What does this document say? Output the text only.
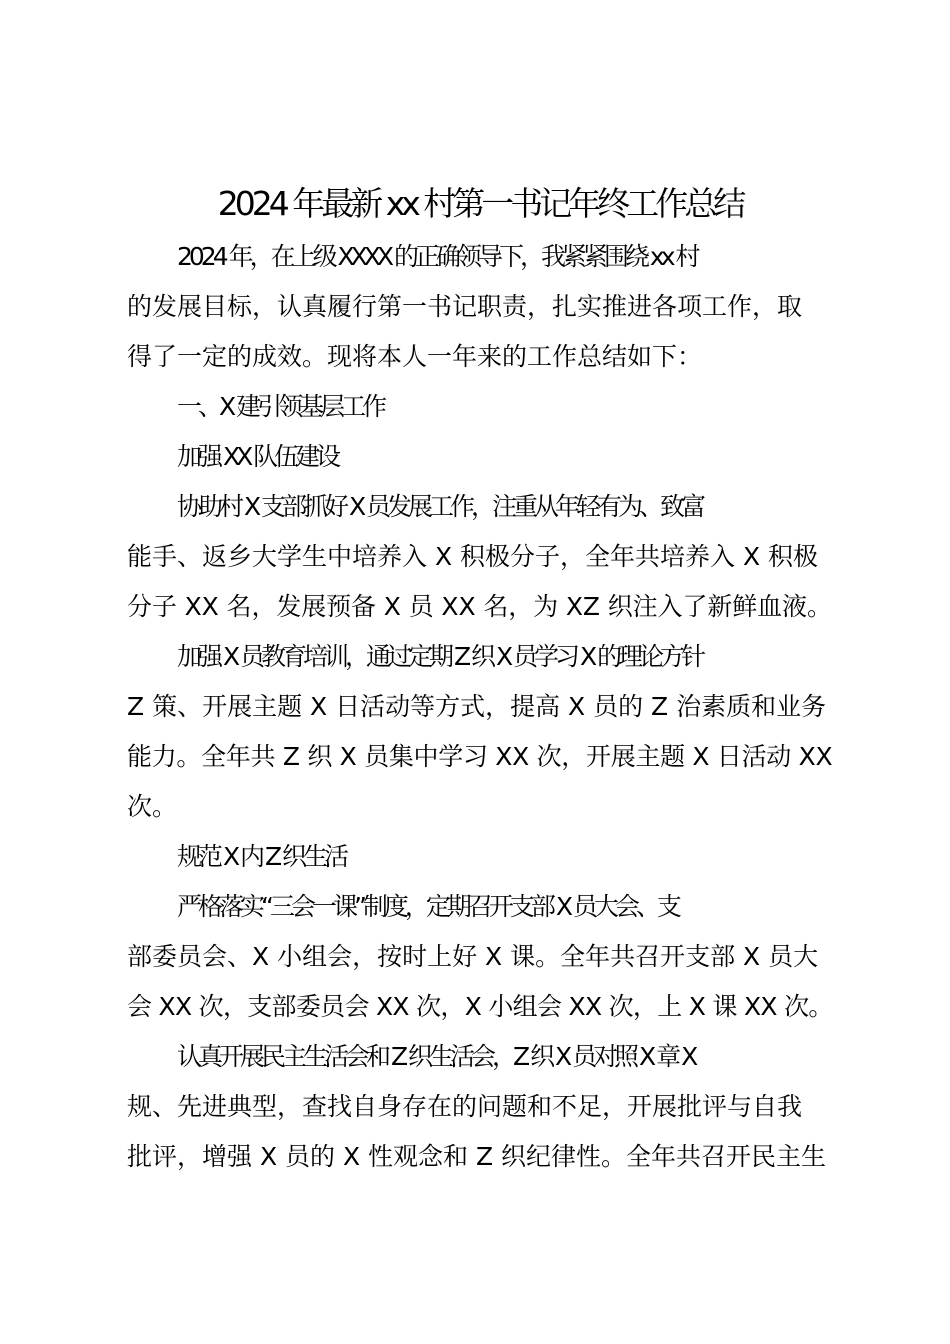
2024 年最新 xx 村第一书记年终工作总结

2024 年，在上级 XXXX 的正确领导下，我紧紧围绕 xx 村
的发展目标，认真履行第一书记职责，扎实推进各项工作，取
得了一定的成效。现将本人一年来的工作总结如下：

一、X 建引领基层工作

加强 XX 队伍建设

协助村 X 支部抓好 X 员发展工作，注重从年轻有为、致富
能手、返乡大学生中培养入 X 积极分子，全年共培养入 X 积极
分子 XX 名，发展预备 X 员 XX 名，为 XZ 织注入了新鲜血液。

加强 X 员教育培训，通过定期 Z 织 X 员学习 X 的理论方针
Z 策、开展主题 X 日活动等方式，提高 X 员的 Z 治素质和业务
能力。全年共 Z 织 X 员集中学习 XX 次，开展主题 X 日活动 XX
次。

规范 X 内 Z 织生活

严格落实“三会一课”制度，定期召开支部 X 员大会、支
部委员会、X 小组会，按时上好 X 课。全年共召开支部 X 员大
会 XX 次，支部委员会 XX 次，X 小组会 XX 次，上 X 课 XX 次。

认真开展民主生活会和 Z 织生活会，Z 织 X 员对照 X 章 X
规、先进典型，查找自身存在的问题和不足，开展批评与自我
批评，增强 X 员的 X 性观念和 Z 织纪律性。全年共召开民主生
